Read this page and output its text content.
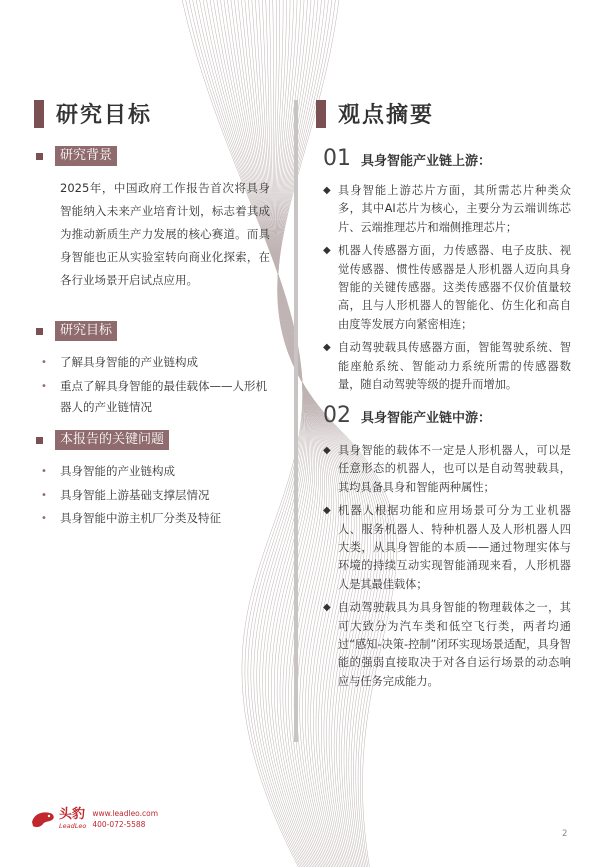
研究目标	观点摘要
研究背景
2025年，中国政府工作报告首次将具身智能纳入未来产业培育计划，标志着其成为推动新质生产力发展的核心赛道。而具身智能也正从实验室转向商业化探索，在各行业场景开启试点应用。
研究目标
• 了解具身智能的产业链构成
• 重点了解具身智能的最佳载体——人形机器人的产业链情况
本报告的关键问题
• 具身智能的产业链构成
• 具身智能上游基础支撑层情况
• 具身智能中游主机厂分类及特征
01 具身智能产业链上游：
◆ 具身智能上游芯片方面，其所需芯片种类众多，其中AI芯片为核心，主要分为云端训练芯片、云端推理芯片和端侧推理芯片；
◆ 机器人传感器方面，力传感器、电子皮肤、视觉传感器、惯性传感器是人形机器人迈向具身智能的关键传感器。这类传感器不仅价值量较高，且与人形机器人的智能化、仿生化和高自由度等发展方向紧密相连；
◆ 自动驾驶载具传感器方面，智能驾驶系统、智能座舱系统、智能动力系统所需的传感器数量，随自动驾驶等级的提升而增加。
02 具身智能产业链中游：
◆ 具身智能的载体不一定是人形机器人，可以是任意形态的机器人，也可以是自动驾驶载具，其均具备具身和智能两种属性；
◆ 机器人根据功能和应用场景可分为工业机器人、服务机器人、特种机器人及人形机器人四大类，从具身智能的本质——通过物理实体与环境的持续互动实现智能涌现来看，人形机器人是其最佳载体；
◆ 自动驾驶载具为具身智能的物理载体之一，其可大致分为汽车类和低空飞行类，两者均通过“感知-决策-控制”闭环实现场景适配，具身智能的强弱直接取决于对各自运行场景的动态响应与任务完成能力。
头豹
LeadLeo
www.leadleo.com
400-072-5588
2
